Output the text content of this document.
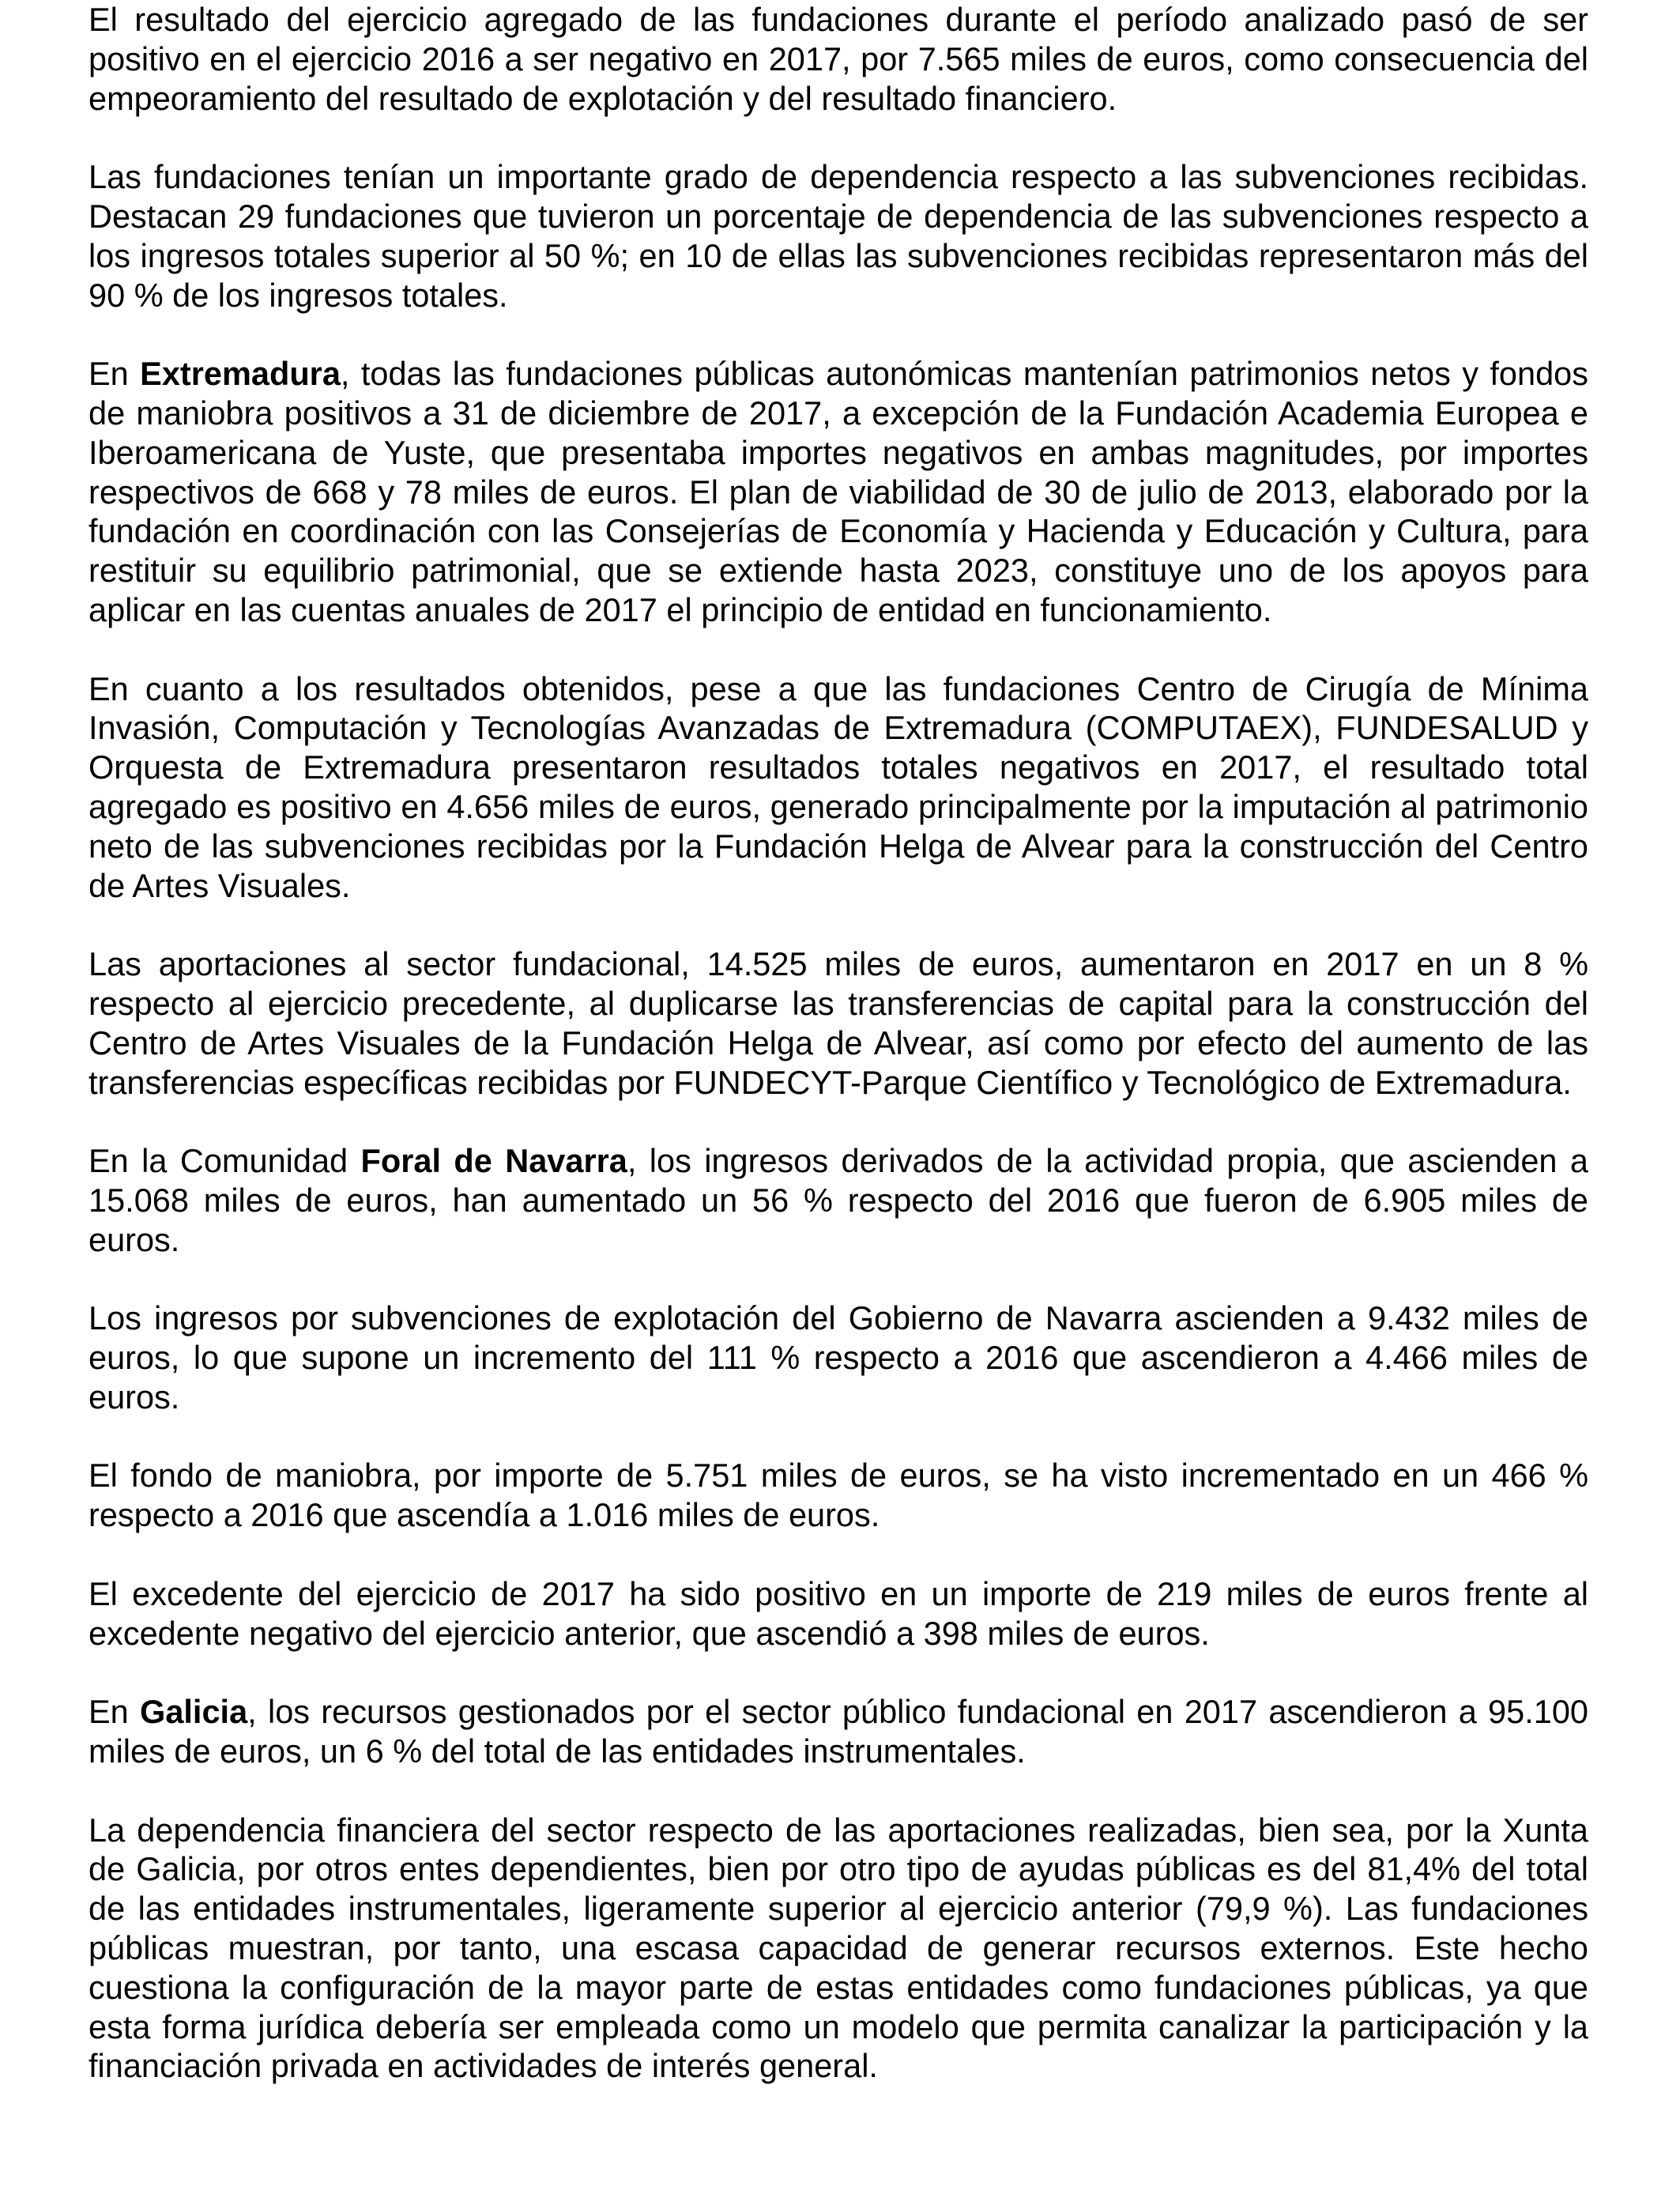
El resultado del ejercicio agregado de las fundaciones durante el período analizado pasó de ser positivo en el ejercicio 2016 a ser negativo en 2017, por 7.565 miles de euros, como consecuencia del empeoramiento del resultado de explotación y del resultado financiero.

Las fundaciones tenían un importante grado de dependencia respecto a las subvenciones recibidas. Destacan 29 fundaciones que tuvieron un porcentaje de dependencia de las subvenciones respecto a los ingresos totales superior al 50 %; en 10 de ellas las subvenciones recibidas representaron más del 90 % de los ingresos totales.

En Extremadura, todas las fundaciones públicas autonómicas mantenían patrimonios netos y fondos de maniobra positivos a 31 de diciembre de 2017, a excepción de la Fundación Academia Europea e Iberoamericana de Yuste, que presentaba importes negativos en ambas magnitudes, por importes respectivos de 668 y 78 miles de euros. El plan de viabilidad de 30 de julio de 2013, elaborado por la fundación en coordinación con las Consejerías de Economía y Hacienda y Educación y Cultura, para restituir su equilibrio patrimonial, que se extiende hasta 2023, constituye uno de los apoyos para aplicar en las cuentas anuales de 2017 el principio de entidad en funcionamiento.

En cuanto a los resultados obtenidos, pese a que las fundaciones Centro de Cirugía de Mínima Invasión, Computación y Tecnologías Avanzadas de Extremadura (COMPUTAEX), FUNDESALUD y Orquesta de Extremadura presentaron resultados totales negativos en 2017, el resultado total agregado es positivo en 4.656 miles de euros, generado principalmente por la imputación al patrimonio neto de las subvenciones recibidas por la Fundación Helga de Alvear para la construcción del Centro de Artes Visuales.

Las aportaciones al sector fundacional, 14.525 miles de euros, aumentaron en 2017 en un 8 % respecto al ejercicio precedente, al duplicarse las transferencias de capital para la construcción del Centro de Artes Visuales de la Fundación Helga de Alvear, así como por efecto del aumento de las transferencias específicas recibidas por FUNDECYT-Parque Científico y Tecnológico de Extremadura.

En la Comunidad Foral de Navarra, los ingresos derivados de la actividad propia, que ascienden a 15.068 miles de euros, han aumentado un 56 % respecto del 2016 que fueron de 6.905 miles de euros.

Los ingresos por subvenciones de explotación del Gobierno de Navarra ascienden a 9.432 miles de euros, lo que supone un incremento del 111 % respecto a 2016 que ascendieron a 4.466 miles de euros.

El fondo de maniobra, por importe de 5.751 miles de euros, se ha visto incrementado en un 466 % respecto a 2016 que ascendía a 1.016 miles de euros.

El excedente del ejercicio de 2017 ha sido positivo en un importe de 219 miles de euros frente al excedente negativo del ejercicio anterior, que ascendió a 398 miles de euros.

En Galicia, los recursos gestionados por el sector público fundacional en 2017 ascendieron a 95.100 miles de euros, un 6 % del total de las entidades instrumentales.

La dependencia financiera del sector respecto de las aportaciones realizadas, bien sea, por la Xunta de Galicia, por otros entes dependientes, bien por otro tipo de ayudas públicas es del 81,4% del total de las entidades instrumentales, ligeramente superior al ejercicio anterior (79,9 %). Las fundaciones públicas muestran, por tanto, una escasa capacidad de generar recursos externos. Este hecho cuestiona la configuración de la mayor parte de estas entidades como fundaciones públicas, ya que esta forma jurídica debería ser empleada como un modelo que permita canalizar la participación y la financiación privada en actividades de interés general.
